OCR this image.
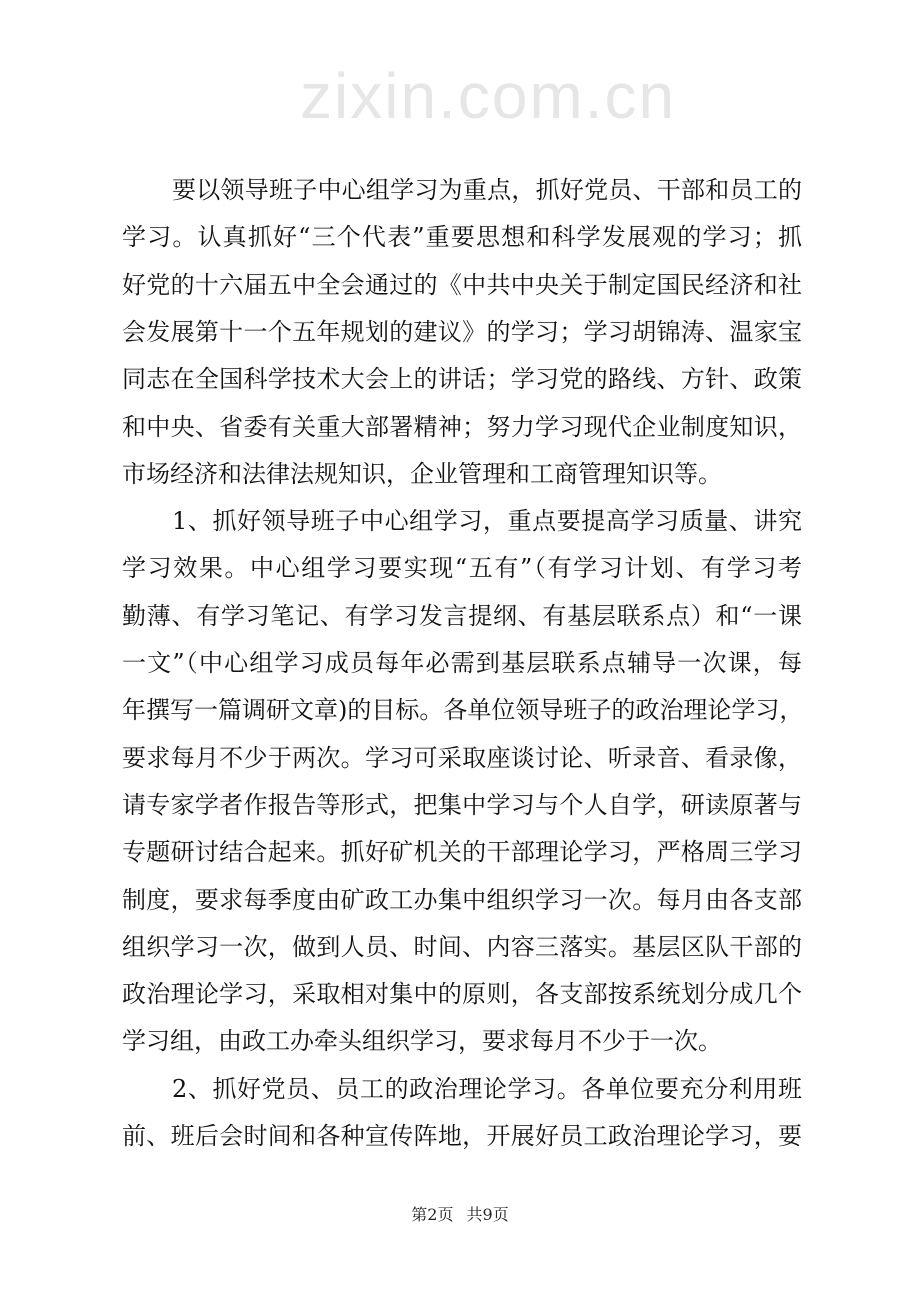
zixin.com.cn
要以领导班子中心组学习为重点，抓好党员、干部和员工的
学习。认真抓好“三个代表”重要思想和科学发展观的学习；抓
好党的十六届五中全会通过的《中共中央关于制定国民经济和社
会发展第十一个五年规划的建议》的学习；学习胡锦涛、温家宝
同志在全国科学技术大会上的讲话；学习党的路线、方针、政策
和中央、省委有关重大部署精神；努力学习现代企业制度知识，
市场经济和法律法规知识，企业管理和工商管理知识等。
1、抓好领导班子中心组学习，重点要提高学习质量、讲究
学习效果。中心组学习要实现“五有”（有学习计划、有学习考
勤薄、有学习笔记、有学习发言提纲、有基层联系点）和“一课
一文”（中心组学习成员每年必需到基层联系点辅导一次课，每
年撰写一篇调研文章)的目标。各单位领导班子的政治理论学习，
要求每月不少于两次。学习可采取座谈讨论、听录音、看录像，
请专家学者作报告等形式，把集中学习与个人自学，研读原著与
专题研讨结合起来。抓好矿机关的干部理论学习，严格周三学习
制度，要求每季度由矿政工办集中组织学习一次。每月由各支部
组织学习一次，做到人员、时间、内容三落实。基层区队干部的
政治理论学习，采取相对集中的原则，各支部按系统划分成几个
学习组，由政工办牵头组织学习，要求每月不少于一次。
2、抓好党员、员工的政治理论学习。各单位要充分利用班
前、班后会时间和各种宣传阵地，开展好员工政治理论学习，要
第2页 共9页
